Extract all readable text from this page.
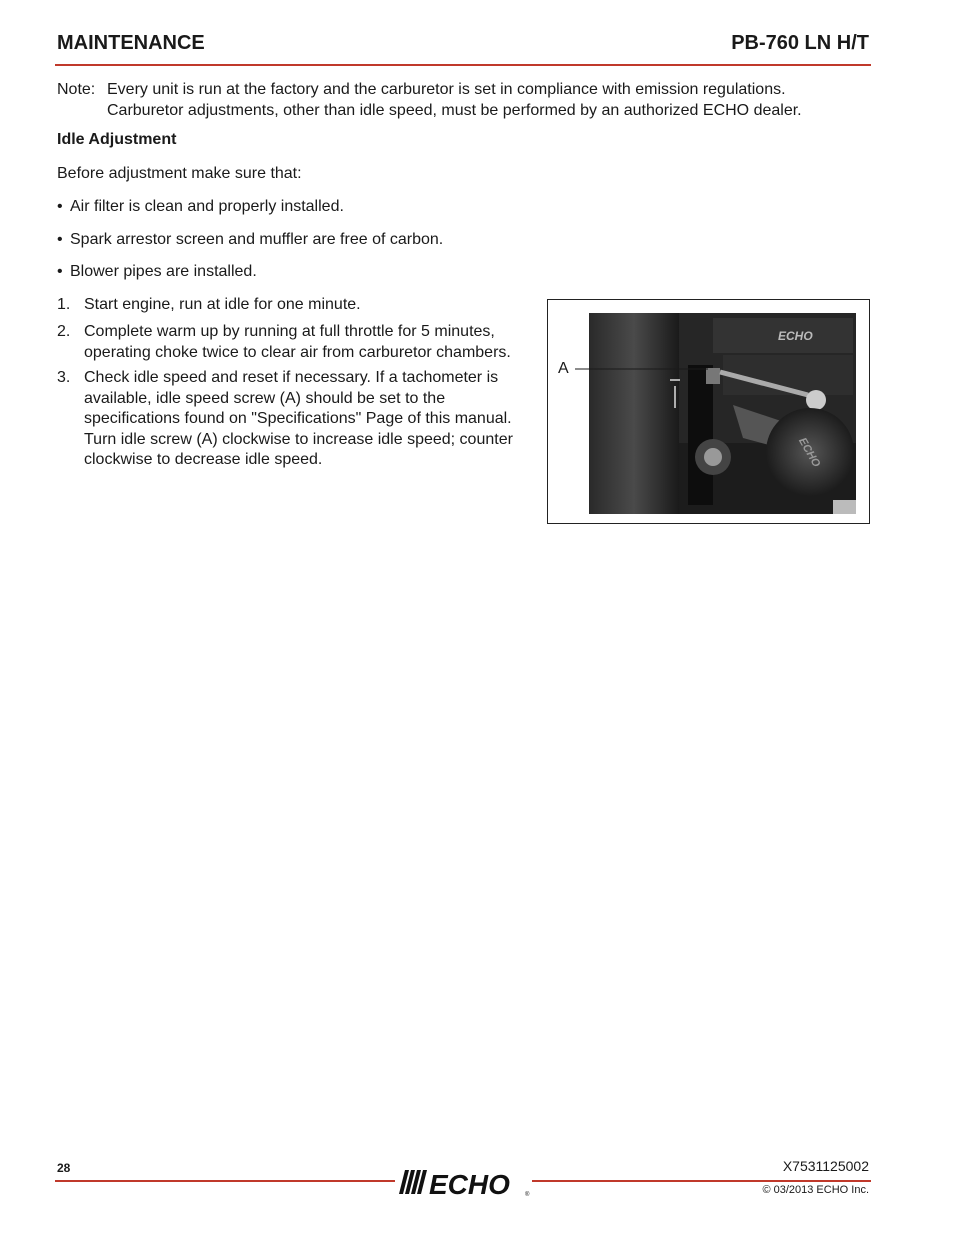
MAINTENANCE	PB-760 LN H/T
Note: Every unit is run at the factory and the carburetor is set in compliance with emission regulations.
Carburetor adjustments, other than idle speed, must be performed by an authorized ECHO dealer.
Idle Adjustment
Before adjustment make sure that:
• Air filter is clean and properly installed.
• Spark arrestor screen and muffler are free of carbon.
• Blower pipes are installed.
1. Start engine, run at idle for one minute.
2. Complete warm up by running at full throttle for 5 minutes, operating choke twice to clear air from carburetor chambers.
3. Check idle speed and reset if necessary. If a tachometer is available, idle speed screw (A) should be set to the specifications found on "Specifications" Page of this manual. Turn idle screw (A) clockwise to increase idle speed; counter clockwise to decrease idle speed.
ECHO
ECHO
A
28	X7531125002
ECHO	®	© 03/2013 ECHO Inc.
